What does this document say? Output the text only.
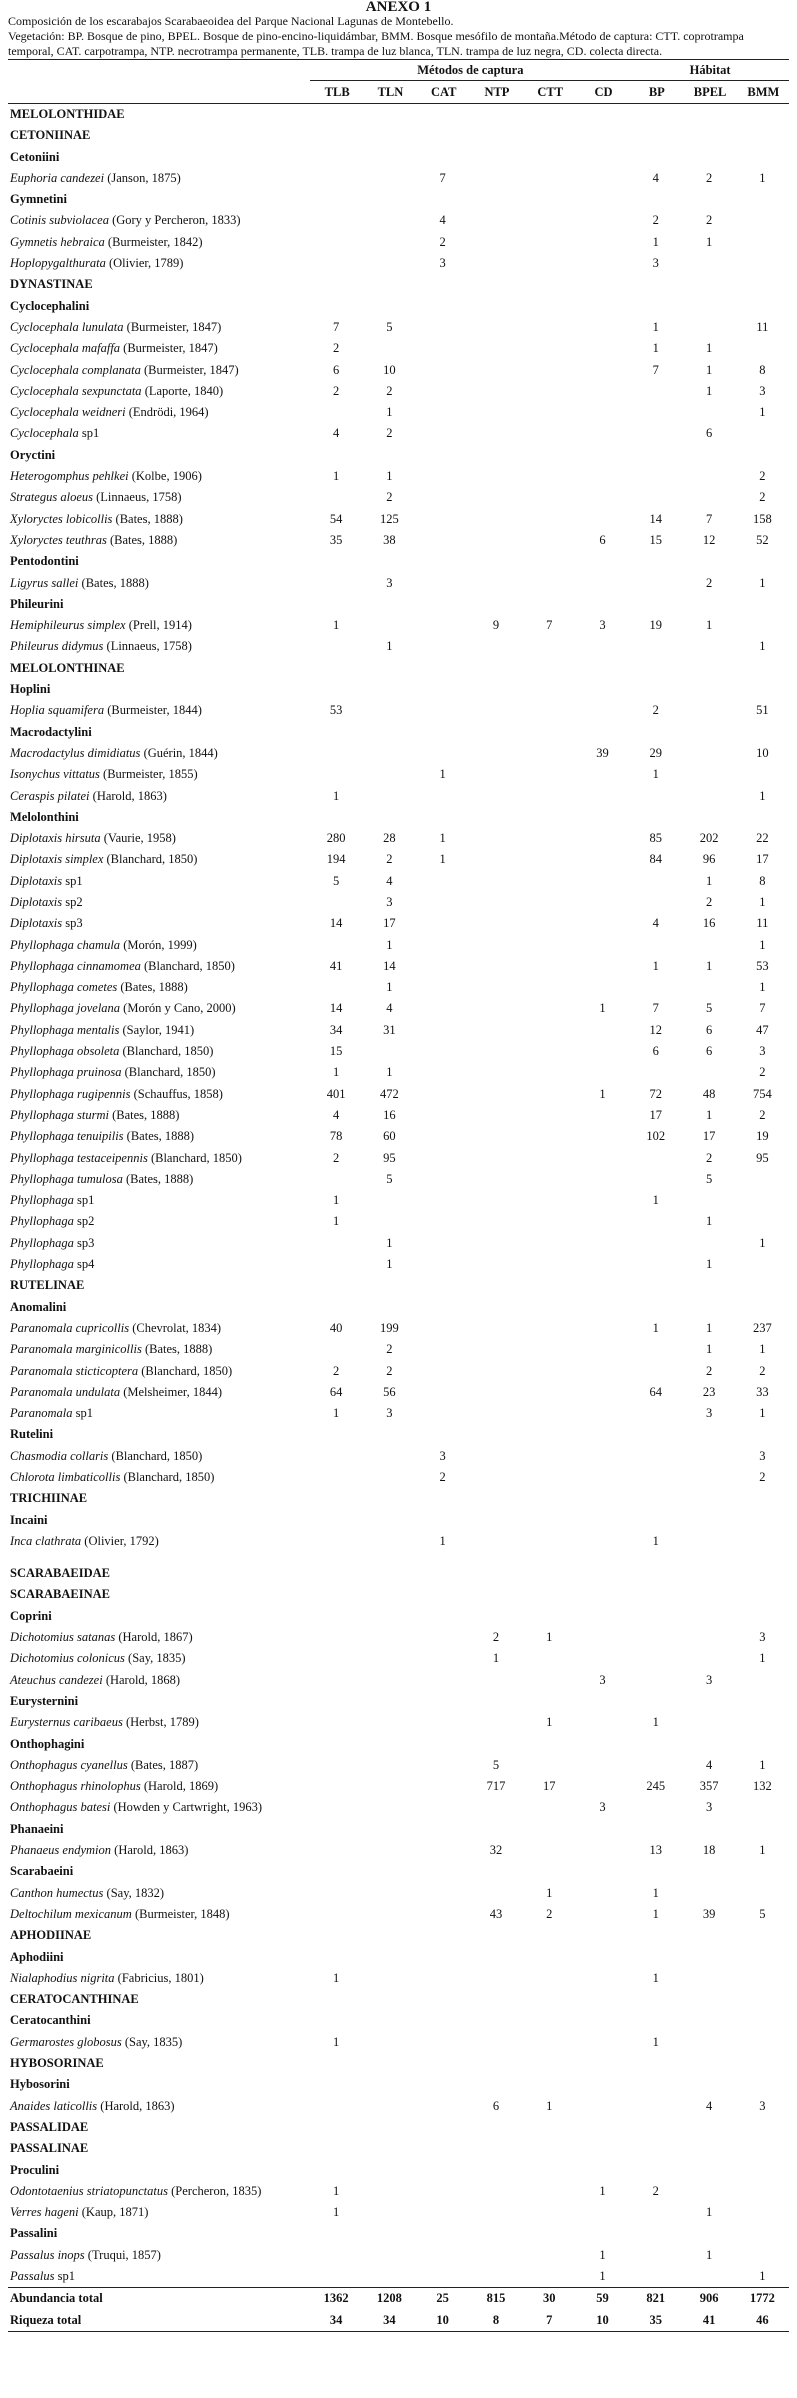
ANEXO 1
Composición de los escarabajos Scarabaeoidea del Parque Nacional Lagunas de Montebello.
Vegetación: BP. Bosque de pino, BPEL. Bosque de pino-encino-liquidámbar, BMM. Bosque mesófilo de montaña.Método de captura: CTT. coprotrampa temporal, CAT. carpotrampa, NTP. necrotrampa permanente, TLB. trampa de luz blanca, TLN. trampa de luz negra, CD. colecta directa.
	Métodos de captura						Hábitat		
	TLB	TLN	CAT	NTP	CTT	CD	BP	BPEL	BMM
MELOLONTHIDAE									
CETONIINAE									
Cetoniini									
Euphoria candezei (Janson, 1875)			7				4	2	1
Gymnetini									
Cotinis subviolacea (Gory y Percheron, 1833)			4				2	2	
Gymnetis hebraica (Burmeister, 1842)			2				1	1	
Hoplopygalthurata (Olivier, 1789)			3				3		
DYNASTINAE									
Cyclocephalini									
Cyclocephala lunulata (Burmeister, 1847)	7	5					1		11
Cyclocephala mafaffa (Burmeister, 1847)	2						1	1	
Cyclocephala complanata (Burmeister, 1847)	6	10					7	1	8
Cyclocephala sexpunctata (Laporte, 1840)	2	2						1	3
Cyclocephala weidneri (Endrödi, 1964)		1							1
Cyclocephala sp1	4	2						6	
Oryctini									
Heterogomphus pehlkei (Kolbe, 1906)	1	1							2
Strategus aloeus (Linnaeus, 1758)		2							2
Xyloryctes lobicollis (Bates, 1888)	54	125					14	7	158
Xyloryctes teuthras (Bates, 1888)	35	38				6	15	12	52
Pentodontini									
Ligyrus sallei (Bates, 1888)		3						2	1
Phileurini									
Hemiphileurus simplex (Prell, 1914)	1			9	7	3	19	1	
Phileurus didymus (Linnaeus, 1758)		1							1
MELOLONTHINAE									
Hoplini									
Hoplia squamifera (Burmeister, 1844)	53						2		51
Macrodactylini									
Macrodactylus dimidiatus (Guérin, 1844)						39	29		10
Isonychus vittatus (Burmeister, 1855)			1				1		
Ceraspis pilatei (Harold, 1863)	1								1
Melolonthini									
Diplotaxis hirsuta (Vaurie, 1958)	280	28	1				85	202	22
Diplotaxis simplex (Blanchard, 1850)	194	2	1				84	96	17
Diplotaxis sp1	5	4						1	8
Diplotaxis sp2		3						2	1
Diplotaxis sp3	14	17					4	16	11
Phyllophaga chamula (Morón, 1999)		1							1
Phyllophaga cinnamomea (Blanchard, 1850)	41	14					1	1	53
Phyllophaga cometes (Bates, 1888)		1							1
Phyllophaga jovelana (Morón y Cano, 2000)	14	4				1	7	5	7
Phyllophaga mentalis (Saylor, 1941)	34	31					12	6	47
Phyllophaga obsoleta (Blanchard, 1850)	15						6	6	3
Phyllophaga pruinosa (Blanchard, 1850)	1	1							2
Phyllophaga rugipennis (Schauffus, 1858)	401	472				1	72	48	754
Phyllophaga sturmi (Bates, 1888)	4	16					17	1	2
Phyllophaga tenuipilis (Bates, 1888)	78	60					102	17	19
Phyllophaga testaceipennis (Blanchard, 1850)	2	95						2	95
Phyllophaga tumulosa (Bates, 1888)		5						5	
Phyllophaga sp1	1						1		
Phyllophaga sp2	1							1	
Phyllophaga sp3		1							1
Phyllophaga sp4		1						1	
RUTELINAE									
Anomalini									
Paranomala cupricollis (Chevrolat, 1834)	40	199					1	1	237
Paranomala marginicollis (Bates, 1888)		2						1	1
Paranomala sticticoptera (Blanchard, 1850)	2	2						2	2
Paranomala undulata (Melsheimer, 1844)	64	56					64	23	33
Paranomala sp1	1	3						3	1
Rutelini									
Chasmodia collaris (Blanchard, 1850)			3						3
Chlorota limbaticollis (Blanchard, 1850)			2						2
TRICHIINAE									
Incaini									
Inca clathrata (Olivier, 1792)			1				1		

SCARABAEIDAE									
SCARABAEINAE									
Coprini									
Dichotomius satanas (Harold, 1867)				2	1				3
Dichotomius colonicus (Say, 1835)				1					1
Ateuchus candezei (Harold, 1868)						3		3	
Eurysternini									
Eurysternus caribaeus (Herbst, 1789)					1		1		
Onthophagini									
Onthophagus cyanellus (Bates, 1887)				5				4	1
Onthophagus rhinolophus (Harold, 1869)				717	17		245	357	132
Onthophagus batesi (Howden y Cartwright, 1963)						3		3	
Phanaeini									
Phanaeus endymion (Harold, 1863)				32			13	18	1
Scarabaeini									
Canthon humectus (Say, 1832)					1		1		
Deltochilum mexicanum (Burmeister, 1848)				43	2		1	39	5
APHODIINAE									
Aphodiini									
Nialaphodius nigrita (Fabricius, 1801)	1						1		
CERATOCANTHINAE									
Ceratocanthini									
Germarostes globosus (Say, 1835)	1						1		
HYBOSORINAE									
Hybosorini									
Anaides laticollis (Harold, 1863)				6	1			4	3
PASSALIDAE									
PASSALINAE									
Proculini									
Odontotaenius striatopunctatus (Percheron, 1835)	1					1	2		
Verres hageni (Kaup, 1871)	1							1	
Passalini									
Passalus inops (Truqui, 1857)						1		1	
Passalus sp1						1			1
Abundancia total	1362	1208	25	815	30	59	821	906	1772
Riqueza total	34	34	10	8	7	10	35	41	46
